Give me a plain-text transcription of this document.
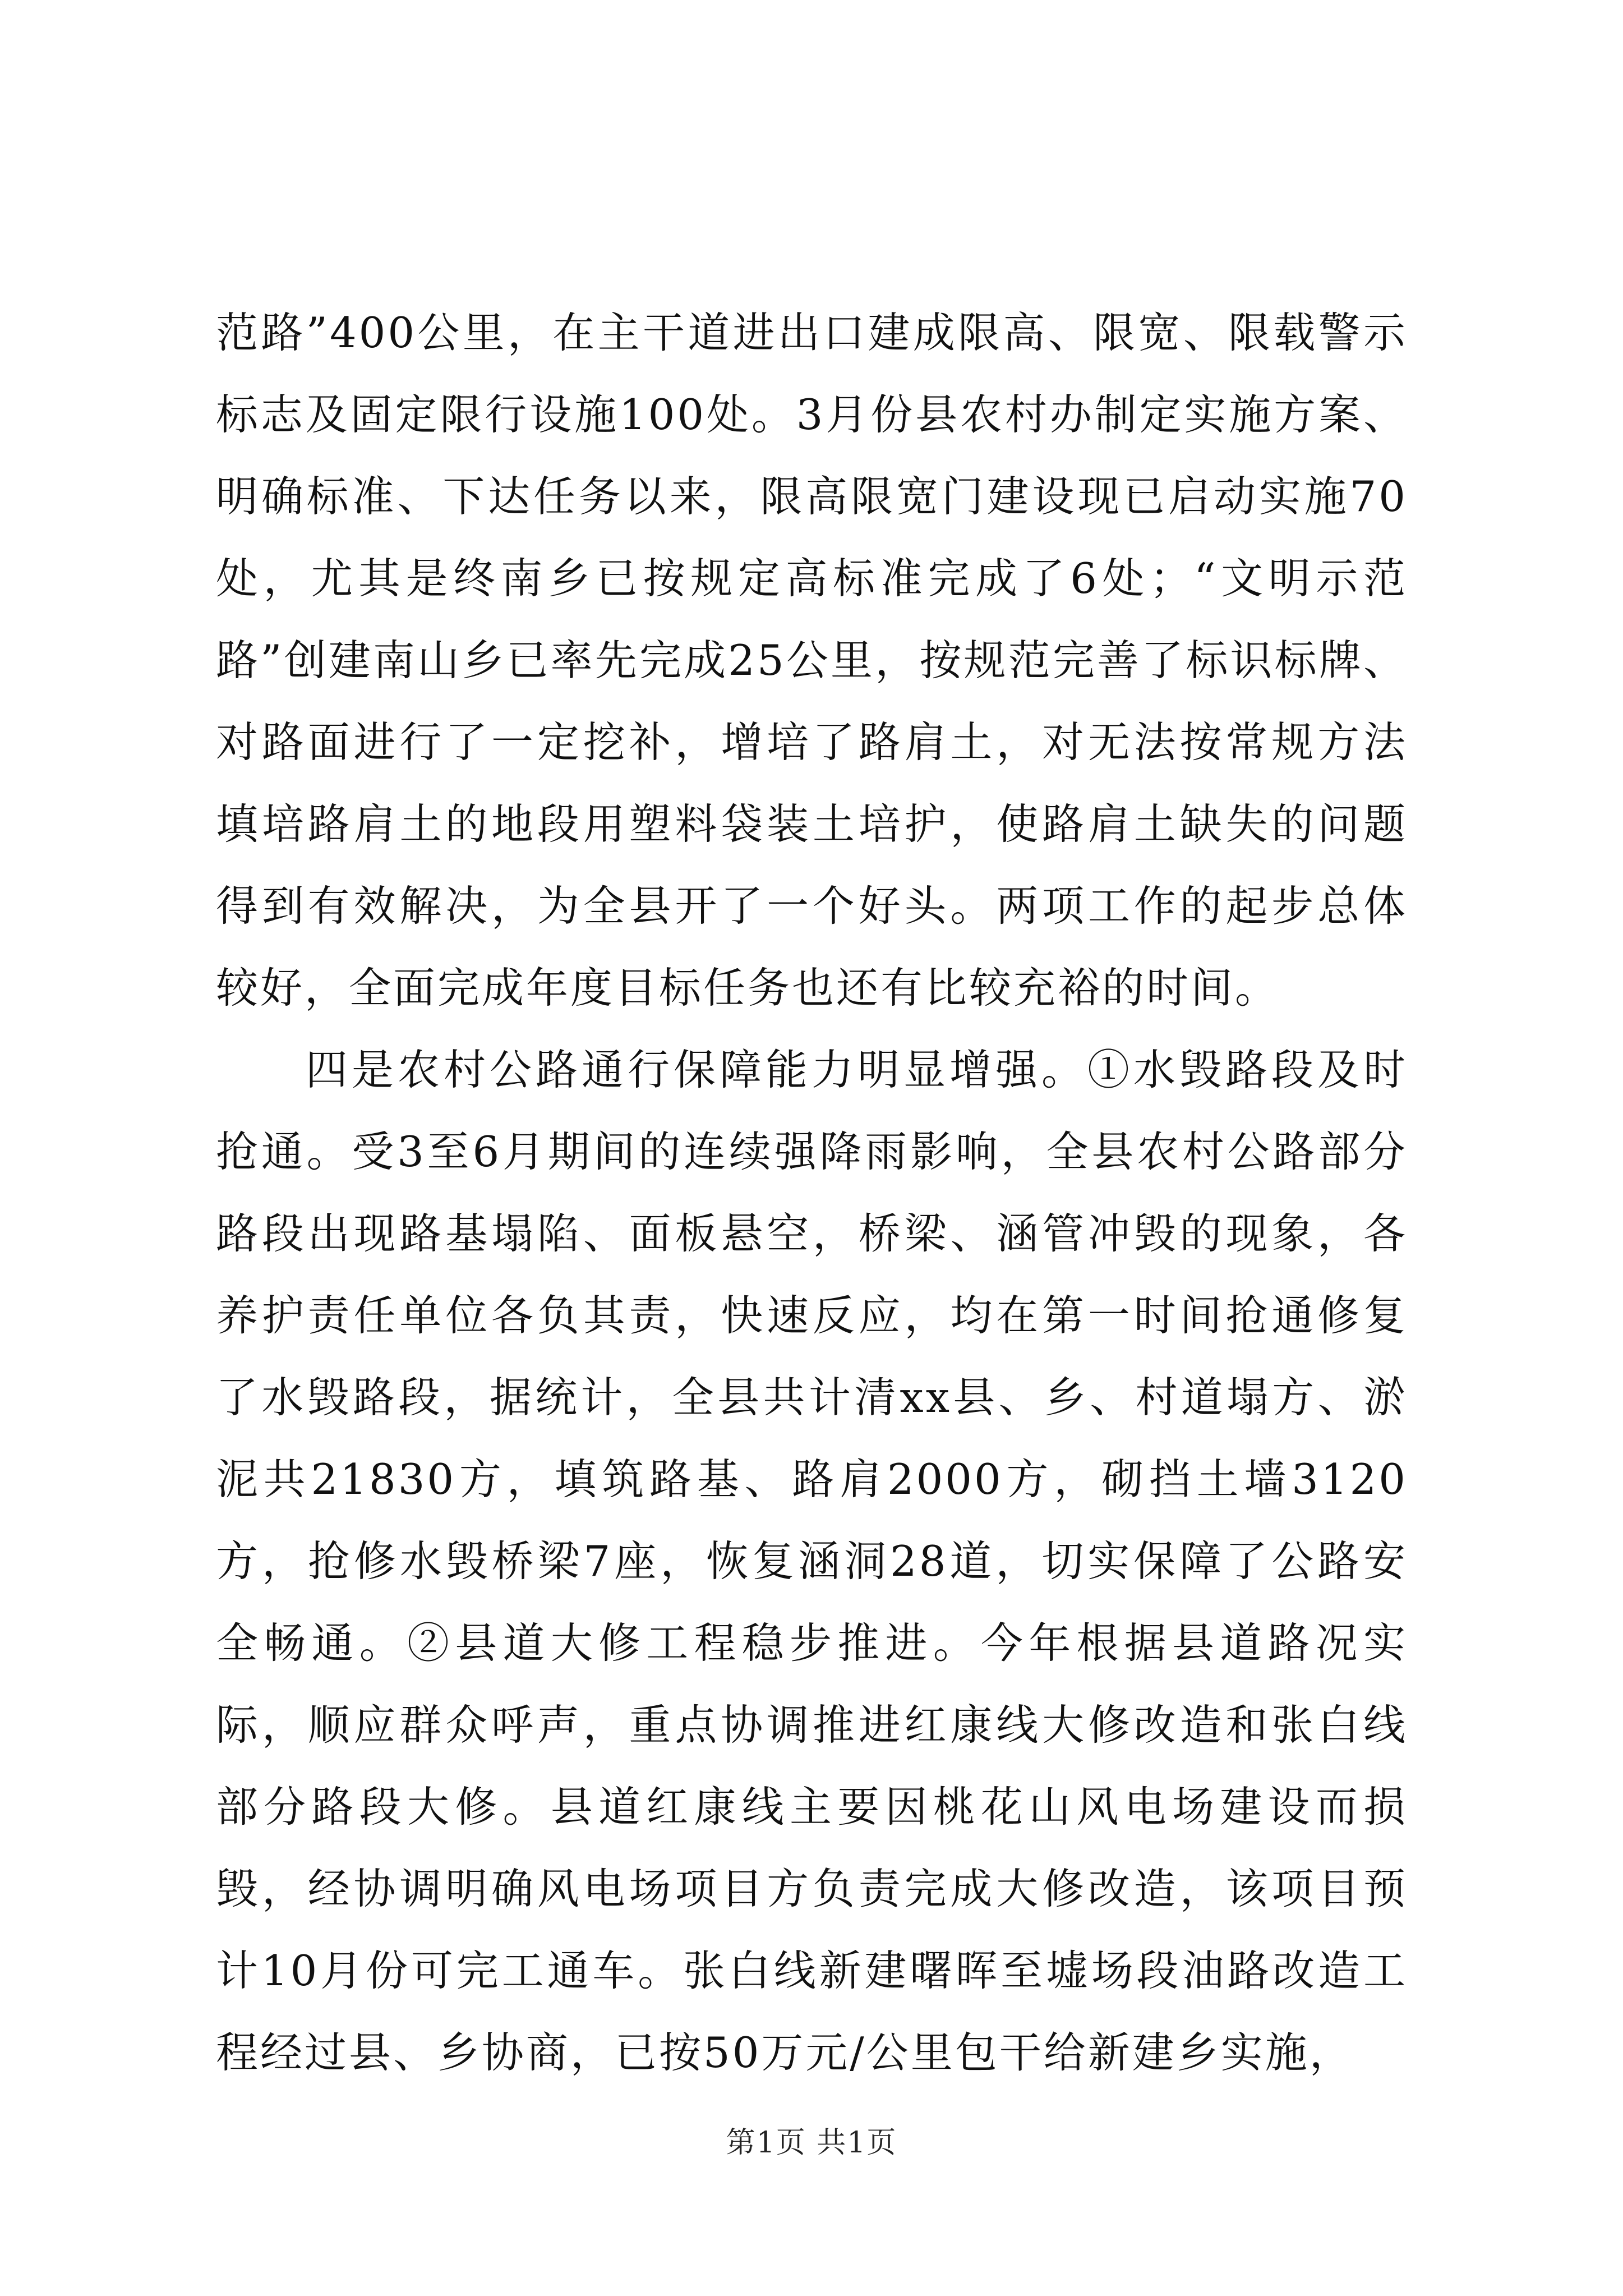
范路”400公里，在主干道进出口建成限高、限宽、限载警示标志及固定限行设施100处。3月份县农村办制定实施方案、明确标准、下达任务以来，限高限宽门建设现已启动实施70处，尤其是终南乡已按规定高标准完成了6处；“文明示范路”创建南山乡已率先完成25公里，按规范完善了标识标牌、对路面进行了一定挖补，增培了路肩土，对无法按常规方法填培路肩土的地段用塑料袋装土培护，使路肩土缺失的问题得到有效解决，为全县开了一个好头。两项工作的起步总体较好，全面完成年度目标任务也还有比较充裕的时间。

四是农村公路通行保障能力明显增强。①水毁路段及时抢通。受3至6月期间的连续强降雨影响，全县农村公路部分路段出现路基塌陷、面板悬空，桥梁、涵管冲毁的现象，各养护责任单位各负其责，快速反应，均在第一时间抢通修复了水毁路段，据统计，全县共计清xx县、乡、村道塌方、淤泥共21830方，填筑路基、路肩2000方，砌挡土墙3120方，抢修水毁桥梁7座，恢复涵洞28道，切实保障了公路安全畅通。②县道大修工程稳步推进。今年根据县道路况实际，顺应群众呼声，重点协调推进红康线大修改造和张白线部分路段大修。县道红康线主要因桃花山风电场建设而损毁，经协调明确风电场项目方负责完成大修改造，该项目预计10月份可完工通车。张白线新建曙晖至墟场段油路改造工程经过县、乡协商，已按50万元/公里包干给新建乡实施，

第1页 共1页
